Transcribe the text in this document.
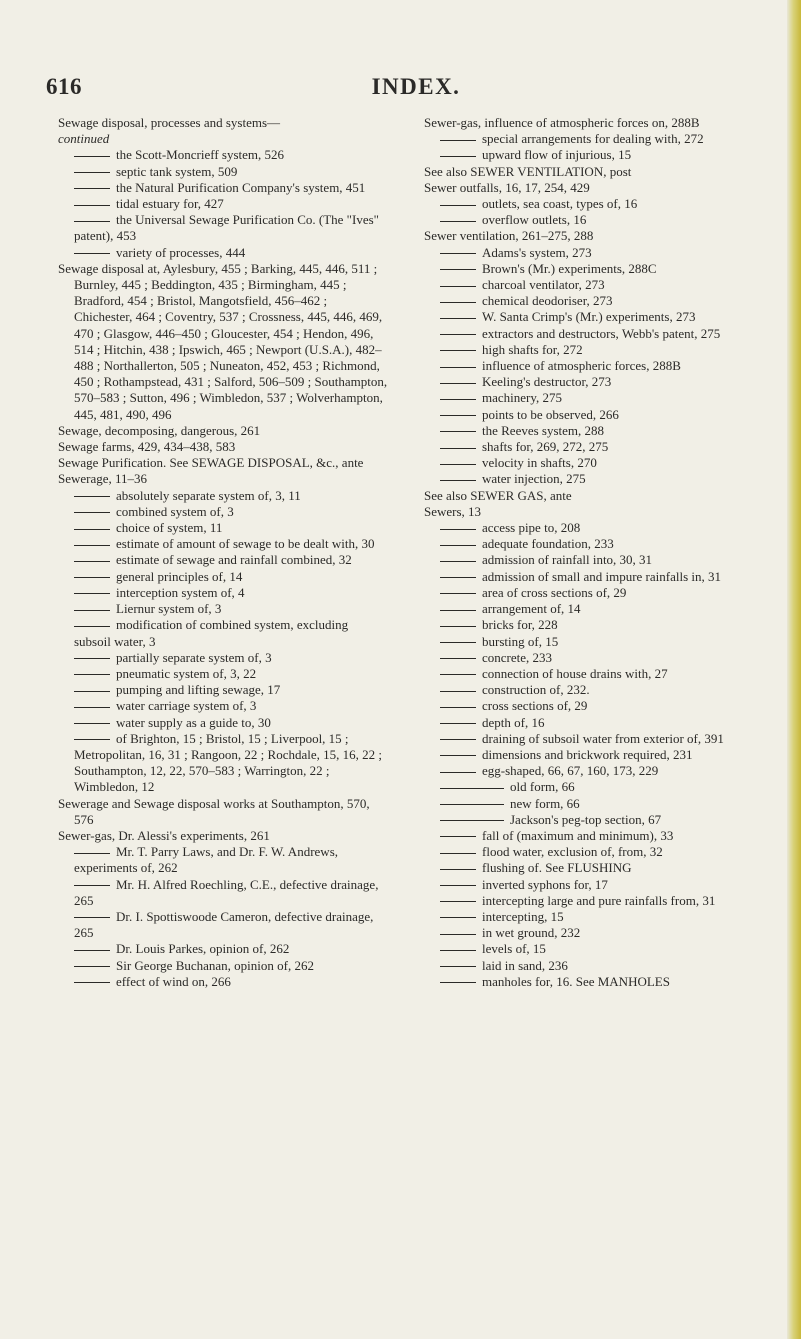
616	INDEX.

Sewage disposal, processes and systems—

continued

the Scott-Moncrieff system, 526

septic tank system, 509

the Natural Purification Company's system, 451

tidal estuary for, 427

the Universal Sewage Purification Co. (The "Ives" patent), 453

variety of processes, 444

Sewage disposal at, Aylesbury, 455 ; Barking, 445, 446, 511 ; Burnley, 445 ; Beddington, 435 ; Birmingham, 445 ; Bradford, 454 ; Bristol, Mangotsfield, 456–462 ; Chichester, 464 ; Coventry, 537 ; Crossness, 445, 446, 469, 470 ; Glasgow, 446–450 ; Gloucester, 454 ; Hendon, 496, 514 ; Hitchin, 438 ; Ipswich, 465 ; Newport (U.S.A.), 482–488 ; Northallerton, 505 ; Nuneaton, 452, 453 ; Richmond, 450 ; Rothampstead, 431 ; Salford, 506–509 ; Southampton, 570–583 ; Sutton, 496 ; Wimbledon, 537 ; Wolverhampton, 445, 481, 490, 496

Sewage, decomposing, dangerous, 261

Sewage farms, 429, 434–438, 583

Sewage Purification. See SEWAGE DISPOSAL, &c., ante

Sewerage, 11–36

absolutely separate system of, 3, 11

combined system of, 3

choice of system, 11

estimate of amount of sewage to be dealt with, 30

estimate of sewage and rainfall combined, 32

general principles of, 14

interception system of, 4

Liernur system of, 3

modification of combined system, excluding subsoil water, 3

partially separate system of, 3

pneumatic system of, 3, 22

pumping and lifting sewage, 17

water carriage system of, 3

water supply as a guide to, 30

of Brighton, 15 ; Bristol, 15 ; Liverpool, 15 ; Metropolitan, 16, 31 ; Rangoon, 22 ; Rochdale, 15, 16, 22 ; Southampton, 12, 22, 570–583 ; Warrington, 22 ; Wimbledon, 12

Sewerage and Sewage disposal works at Southampton, 570, 576

Sewer-gas, Dr. Alessi's experiments, 261

Mr. T. Parry Laws, and Dr. F. W. Andrews, experiments of, 262

Mr. H. Alfred Roechling, C.E., defective drainage, 265

Dr. I. Spottiswoode Cameron, defective drainage, 265

Dr. Louis Parkes, opinion of, 262

Sir George Buchanan, opinion of, 262

effect of wind on, 266

Sewer-gas, influence of atmospheric forces on, 288B

special arrangements for dealing with, 272

upward flow of injurious, 15

See also SEWER VENTILATION, post

Sewer outfalls, 16, 17, 254, 429

outlets, sea coast, types of, 16

overflow outlets, 16

Sewer ventilation, 261–275, 288

Adams's system, 273

Brown's (Mr.) experiments, 288C

charcoal ventilator, 273

chemical deodoriser, 273

W. Santa Crimp's (Mr.) experiments, 273

extractors and destructors, Webb's patent, 275

high shafts for, 272

influence of atmospheric forces, 288B

Keeling's destructor, 273

machinery, 275

points to be observed, 266

the Reeves system, 288

shafts for, 269, 272, 275

velocity in shafts, 270

water injection, 275

See also SEWER GAS, ante

Sewers, 13

access pipe to, 208

adequate foundation, 233

admission of rainfall into, 30, 31

admission of small and impure rainfalls in, 31

area of cross sections of, 29

arrangement of, 14

bricks for, 228

bursting of, 15

concrete, 233

connection of house drains with, 27

construction of, 232.

cross sections of, 29

depth of, 16

draining of subsoil water from exterior of, 391

dimensions and brickwork required, 231

egg-shaped, 66, 67, 160, 173, 229

old form, 66

new form, 66

Jackson's peg-top section, 67

fall of (maximum and minimum), 33

flood water, exclusion of, from, 32

flushing of. See FLUSHING

inverted syphons for, 17

intercepting large and pure rainfalls from, 31

intercepting, 15

in wet ground, 232

levels of, 15

laid in sand, 236

manholes for, 16. See MANHOLES
